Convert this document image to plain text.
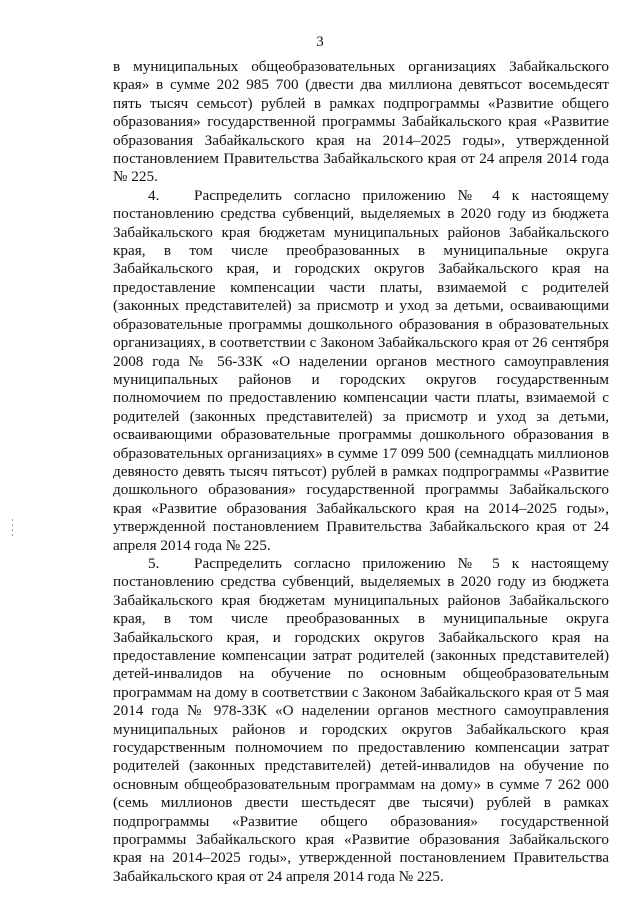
3

в муниципальных общеобразовательных организациях Забайкальского края» в сумме 202 985 700 (двести два миллиона девятьсот восемьдесят пять тысяч семьсот) рублей в рамках подпрограммы «Развитие общего образования» государственной программы Забайкальского края «Развитие образования Забайкальского края на 2014–2025 годы», утвержденной постановлением Правительства Забайкальского края от 24 апреля 2014 года № 225.

4. Распределить согласно приложению № 4 к настоящему постановлению средства субвенций, выделяемых в 2020 году из бюджета Забайкальского края бюджетам муниципальных районов Забайкальского края, в том числе преобразованных в муниципальные округа Забайкальского края, и городских округов Забайкальского края на предоставление компенсации части платы, взимаемой с родителей (законных представителей) за присмотр и уход за детьми, осваивающими образовательные программы дошкольного образования в образовательных организациях, в соответствии с Законом Забайкальского края от 26 сентября 2008 года № 56-ЗЗК «О наделении органов местного самоуправления муниципальных районов и городских округов государственным полномочием по предоставлению компенсации части платы, взимаемой с родителей (законных представителей) за присмотр и уход за детьми, осваивающими образовательные программы дошкольного образования в образовательных организациях» в сумме 17 099 500 (семнадцать миллионов девяносто девять тысяч пятьсот) рублей в рамках подпрограммы «Развитие дошкольного образования» государственной программы Забайкальского края «Развитие образования Забайкальского края на 2014–2025 годы», утвержденной постановлением Правительства Забайкальского края от 24 апреля 2014 года № 225.

5. Распределить согласно приложению № 5 к настоящему постановлению средства субвенций, выделяемых в 2020 году из бюджета Забайкальского края бюджетам муниципальных районов Забайкальского края, в том числе преобразованных в муниципальные округа Забайкальского края, и городских округов Забайкальского края на предоставление компенсации затрат родителей (законных представителей) детей-инвалидов на обучение по основным общеобразовательным программам на дому в соответствии с Законом Забайкальского края от 5 мая 2014 года № 978-ЗЗК «О наделении органов местного самоуправления муниципальных районов и городских округов Забайкальского края государственным полномочием по предоставлению компенсации затрат родителей (законных представителей) детей-инвалидов на обучение по основным общеобразовательным программам на дому» в сумме 7 262 000 (семь миллионов двести шестьдесят две тысячи) рублей в рамках подпрограммы «Развитие общего образования» государственной программы Забайкальского края «Развитие образования Забайкальского края на 2014–2025 годы», утвержденной постановлением Правительства Забайкальского края от 24 апреля 2014 года № 225.
